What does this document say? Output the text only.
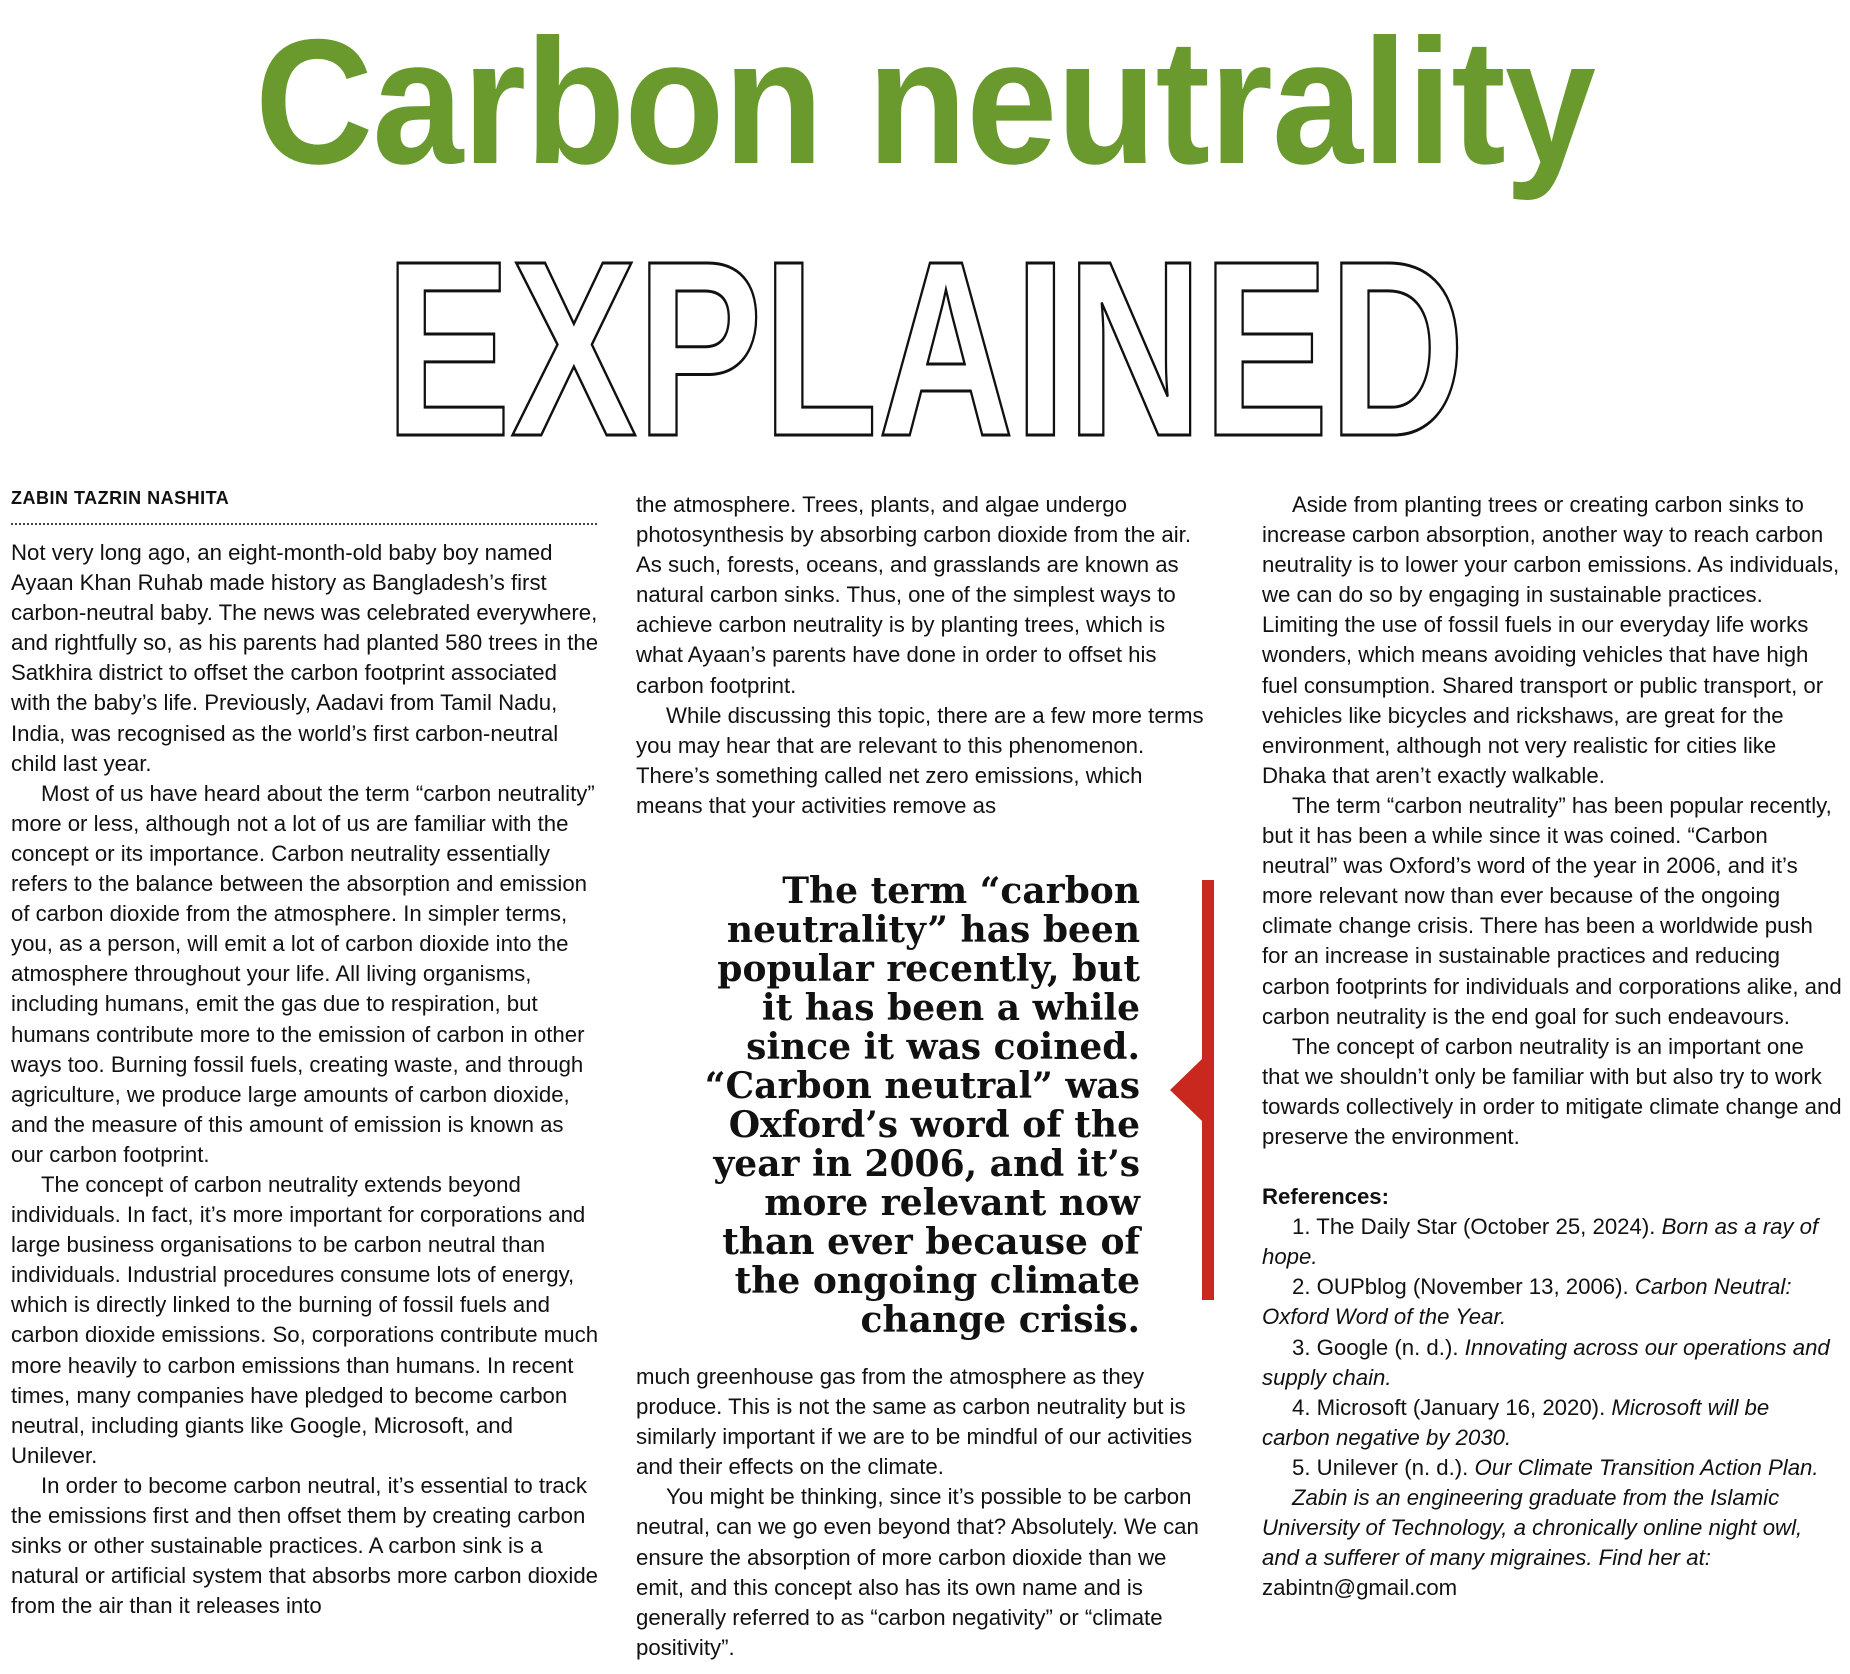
Carbon neutrality
EXPLAINED
ZABIN TAZRIN NASHITA

Not very long ago, an eight-month-old baby boy named Ayaan Khan Ruhab made history as Bangladesh’s first carbon-neutral baby. The news was celebrated everywhere, and rightfully so, as his parents had planted 580 trees in the Satkhira district to offset the carbon footprint associated with the baby’s life. Previously, Aadavi from Tamil Nadu, India, was recognised as the world’s first carbon-neutral child last year.

Most of us have heard about the term “carbon neutrality” more or less, although not a lot of us are familiar with the concept or its importance. Carbon neutrality essentially refers to the balance between the absorption and emission of carbon dioxide from the atmosphere. In simpler terms, you, as a person, will emit a lot of carbon dioxide into the atmosphere throughout your life. All living organisms, including humans, emit the gas due to respiration, but humans contribute more to the emission of carbon in other ways too. Burning fossil fuels, creating waste, and through agriculture, we produce large amounts of carbon dioxide, and the measure of this amount of emission is known as our carbon footprint.

The concept of carbon neutrality extends beyond individuals. In fact, it’s more important for corporations and large business organisations to be carbon neutral than individuals. Industrial procedures consume lots of energy, which is directly linked to the burning of fossil fuels and carbon dioxide emissions. So, corporations contribute much more heavily to carbon emissions than humans. In recent times, many companies have pledged to become carbon neutral, including giants like Google, Microsoft, and Unilever.

In order to become carbon neutral, it’s essential to track the emissions first and then offset them by creating carbon sinks or other sustainable practices. A carbon sink is a natural or artificial system that absorbs more carbon dioxide from the air than it releases into

the atmosphere. Trees, plants, and algae undergo photosynthesis by absorbing carbon dioxide from the air. As such, forests, oceans, and grasslands are known as natural carbon sinks. Thus, one of the simplest ways to achieve carbon neutrality is by planting trees, which is what Ayaan’s parents have done in order to offset his carbon footprint.

While discussing this topic, there are a few more terms you may hear that are relevant to this phenomenon. There’s something called net zero emissions, which means that your activities remove as

The term “carbon neutrality” has been popular recently, but it has been a while since it was coined. “Carbon neutral” was Oxford’s word of the year in 2006, and it’s more relevant now than ever because of the ongoing climate change crisis.

much greenhouse gas from the atmosphere as they produce. This is not the same as carbon neutrality but is similarly important if we are to be mindful of our activities and their effects on the climate.

You might be thinking, since it’s possible to be carbon neutral, can we go even beyond that? Absolutely. We can ensure the absorption of more carbon dioxide than we emit, and this concept also has its own name and is generally referred to as “carbon negativity” or “climate positivity”.

Aside from planting trees or creating carbon sinks to increase carbon absorption, another way to reach carbon neutrality is to lower your carbon emissions. As individuals, we can do so by engaging in sustainable practices. Limiting the use of fossil fuels in our everyday life works wonders, which means avoiding vehicles that have high fuel consumption. Shared transport or public transport, or vehicles like bicycles and rickshaws, are great for the environment, although not very realistic for cities like Dhaka that aren’t exactly walkable.

The term “carbon neutrality” has been popular recently, but it has been a while since it was coined. “Carbon neutral” was Oxford’s word of the year in 2006, and it’s more relevant now than ever because of the ongoing climate change crisis. There has been a worldwide push for an increase in sustainable practices and reducing carbon footprints for individuals and corporations alike, and carbon neutrality is the end goal for such endeavours.

The concept of carbon neutrality is an important one that we shouldn’t only be familiar with but also try to work towards collectively in order to mitigate climate change and preserve the environment.

References:

1. The Daily Star (October 25, 2024). Born as a ray of hope.

2. OUPblog (November 13, 2006). Carbon Neutral: Oxford Word of the Year.

3. Google (n. d.). Innovating across our operations and supply chain.

4. Microsoft (January 16, 2020). Microsoft will be carbon negative by 2030.

5. Unilever (n. d.). Our Climate Transition Action Plan.

Zabin is an engineering graduate from the Islamic University of Technology, a chronically online night owl, and a sufferer of many migraines. Find her at: zabintn@gmail.com
